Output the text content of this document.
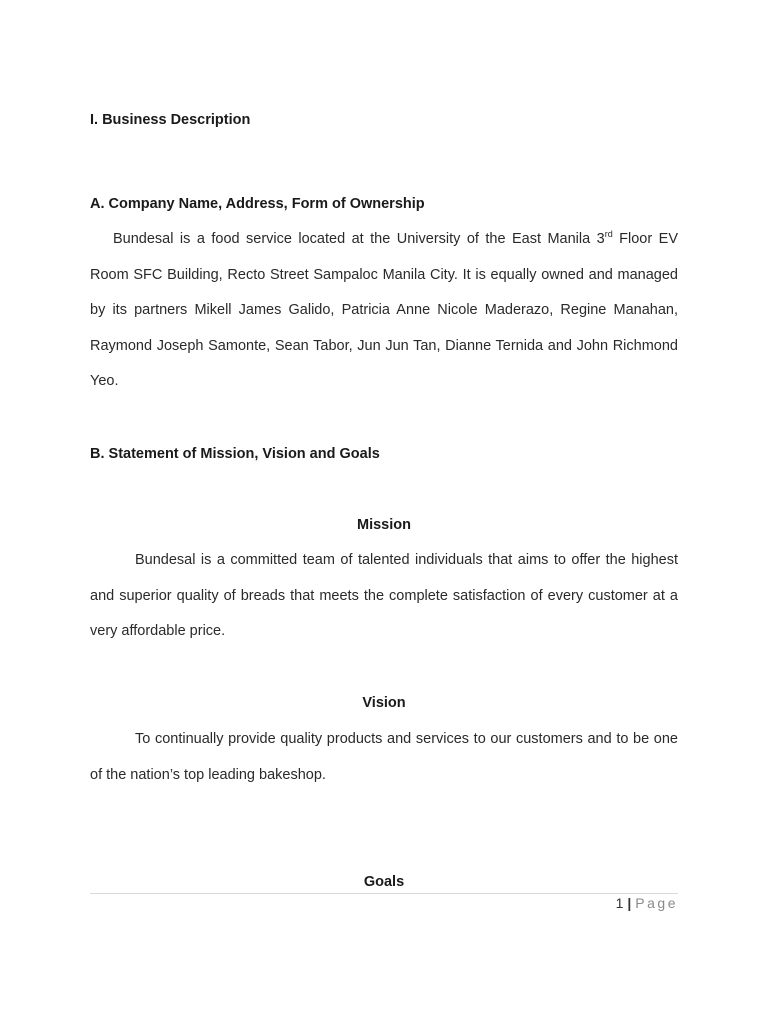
I. Business Description
A. Company Name, Address, Form of Ownership
Bundesal is a food service located at the University of the East Manila 3rd Floor EV Room SFC Building, Recto Street Sampaloc Manila City. It is equally owned and managed by its partners Mikell James Galido, Patricia Anne Nicole Maderazo, Regine Manahan, Raymond Joseph Samonte, Sean Tabor, Jun Jun Tan, Dianne Ternida and John Richmond Yeo.
B. Statement of Mission, Vision and Goals
Mission
Bundesal is a committed team of talented individuals that aims to offer the highest and superior quality of breads that meets the complete satisfaction of every customer at a very affordable price.
Vision
To continually provide quality products and services to our customers and to be one of the nation’s top leading bakeshop.
Goals
1 | Page
